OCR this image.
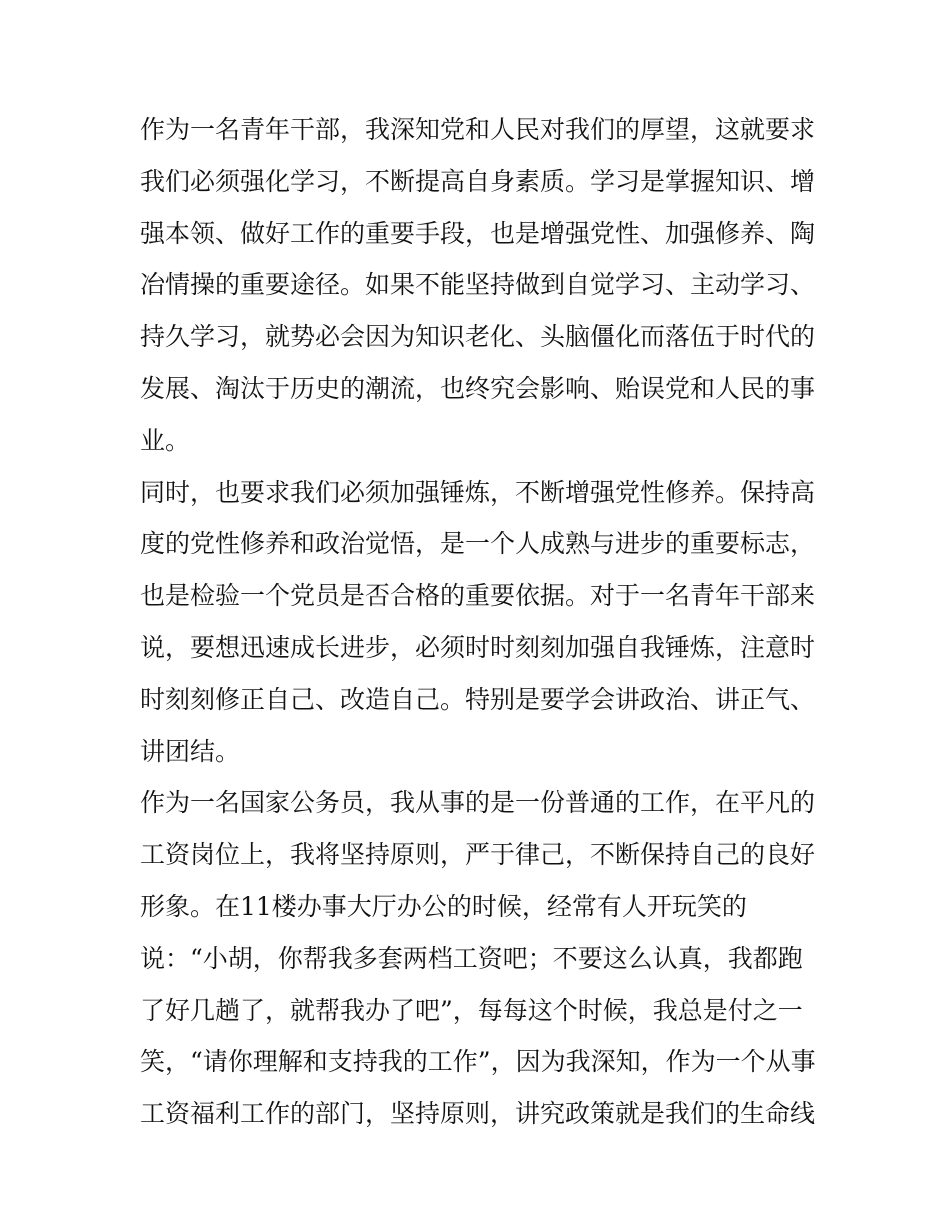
作为一名青年干部，我深知党和人民对我们的厚望，这就要求
我们必须强化学习，不断提高自身素质。学习是掌握知识、增
强本领、做好工作的重要手段，也是增强党性、加强修养、陶
冶情操的重要途径。如果不能坚持做到自觉学习、主动学习、
持久学习，就势必会因为知识老化、头脑僵化而落伍于时代的
发展、淘汰于历史的潮流，也终究会影响、贻误党和人民的事
业。
同时，也要求我们必须加强锤炼，不断增强党性修养。保持高
度的党性修养和政治觉悟，是一个人成熟与进步的重要标志，
也是检验一个党员是否合格的重要依据。对于一名青年干部来
说，要想迅速成长进步，必须时时刻刻加强自我锤炼，注意时
时刻刻修正自己、改造自己。特别是要学会讲政治、讲正气、
讲团结。
作为一名国家公务员，我从事的是一份普通的工作，在平凡的
工资岗位上，我将坚持原则，严于律己，不断保持自己的良好
形象。在11楼办事大厅办公的时候，经常有人开玩笑的
说：“小胡，你帮我多套两档工资吧；不要这么认真，我都跑
了好几趟了，就帮我办了吧”，每每这个时候，我总是付之一
笑，“请你理解和支持我的工作”，因为我深知，作为一个从事
工资福利工作的部门，坚持原则，讲究政策就是我们的生命线
